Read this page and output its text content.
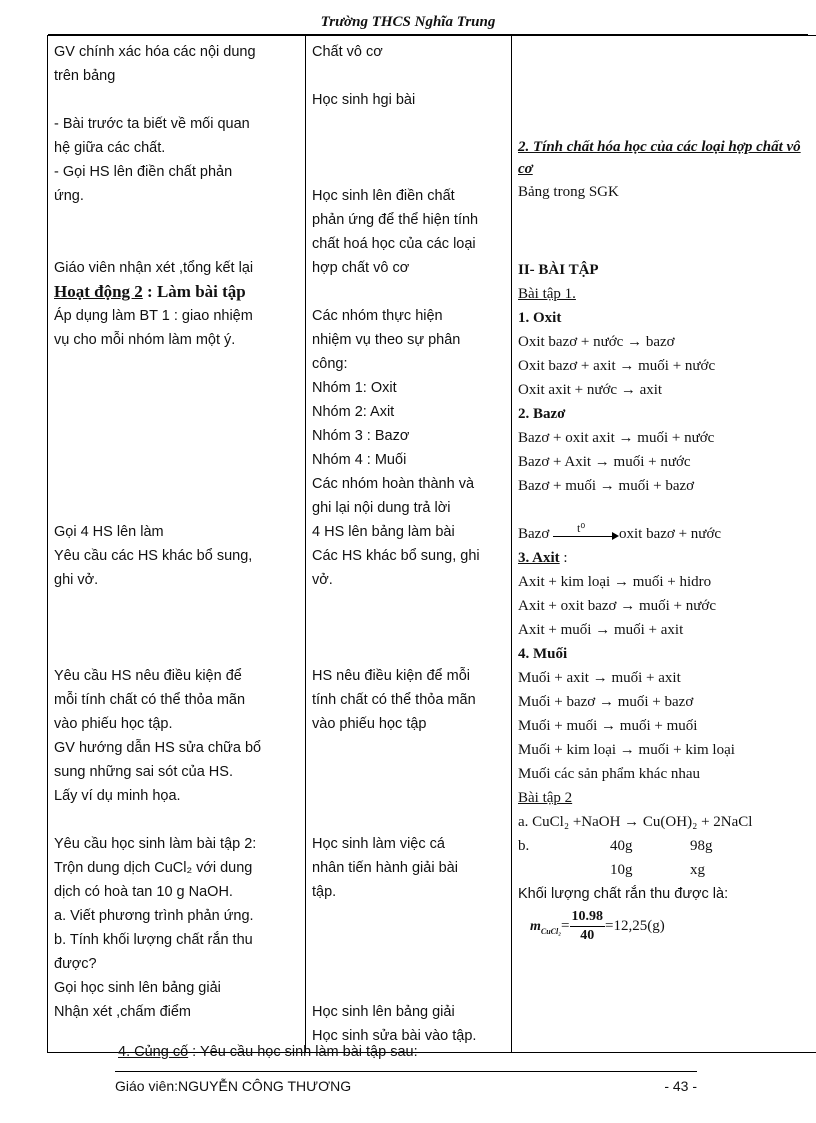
Trường THCS Nghĩa Trung
GV chính xác hóa các nội dung
trên bảng
- Bài trước ta biết về mối quan
hệ giữa các chất.
- Gọi HS lên điền chất phản
ứng.
Giáo viên nhận xét ,tổng kết lại
Hoạt động 2 : Làm bài tập
Áp dụng làm BT 1 : giao nhiệm
vụ cho mỗi nhóm làm một ý.
Gọi 4 HS lên làm
Yêu cầu các HS khác bổ sung,
ghi vở.
Yêu cầu HS nêu điều kiện để
mỗi tính chất có thể thỏa mãn
vào phiếu học tập.
GV hướng dẫn HS sửa chữa bổ
sung những sai sót của HS.
Lấy ví dụ minh họa.
Yêu cầu học sinh làm bài tập 2:
Trộn dung dịch CuCl₂ với dung
dịch có hoà tan 10 g NaOH.
a. Viết phương trình phản ứng.
b. Tính khối lượng chất rắn thu
được?
Gọi học sinh lên bảng giải
Nhận xét ,chấm điểm

Chất vô cơ
Học sinh hgi bài
Học sinh lên điền chất
phản ứng để thể hiện tính
chất hoá học của các loại
hợp chất vô cơ
Các nhóm thực hiện
nhiệm vụ theo sự phân
công:
Nhóm 1: Oxit
Nhóm 2: Axit
Nhóm 3 : Bazơ
Nhóm 4 : Muối
Các nhóm hoàn thành và
ghi lại nội dung trả lời
4 HS lên bảng làm bài
Các HS khác bổ sung, ghi
vở.
HS nêu điều kiện để mỗi
tính chất có thể thỏa mãn
vào phiếu học tập
Học sinh làm việc cá
nhân tiến hành giải bài
tập.
Học sinh lên bảng giải
Học sinh sửa bài vào tập.

2. Tính chất hóa học của các loại hợp chất vô cơ
Bảng trong SGK
II- BÀI TẬP
Bài tập 1.
1. Oxit
Oxit bazơ + nước → bazơ
Oxit bazơ + axit → muối + nước
Oxit axit + nước → axit
2. Bazơ
Bazơ + oxit axit → muối + nước
Bazơ + Axit → muối + nước
Bazơ + muối → muối + bazơ
Bazơ t⁰ oxit bazơ + nước
3. Axit :
Axit + kim loại → muối + hidro
Axit + oxit bazơ → muối + nước
Axit + muối → muối + axit
4. Muối
Muối + axit → muối + axit
Muối + bazơ → muối + bazơ
Muối + muối → muối + muối
Muối + kim loại → muối + kim loại
Muối các sản phẩm khác nhau
Bài tập 2
a. CuCl₂ +NaOH → Cu(OH)₂ + 2NaCl
b.	40g	98g
10g	xg
Khối lượng chất rắn thu được là:
$m_{CuCl_2}= \frac{10.98}{40} =12,25(g)$
4. Củng cố : Yêu cầu học sinh làm bài tập sau:
Giáo viên:NGUYỄN CÔNG THƯƠNG	- 43 -
